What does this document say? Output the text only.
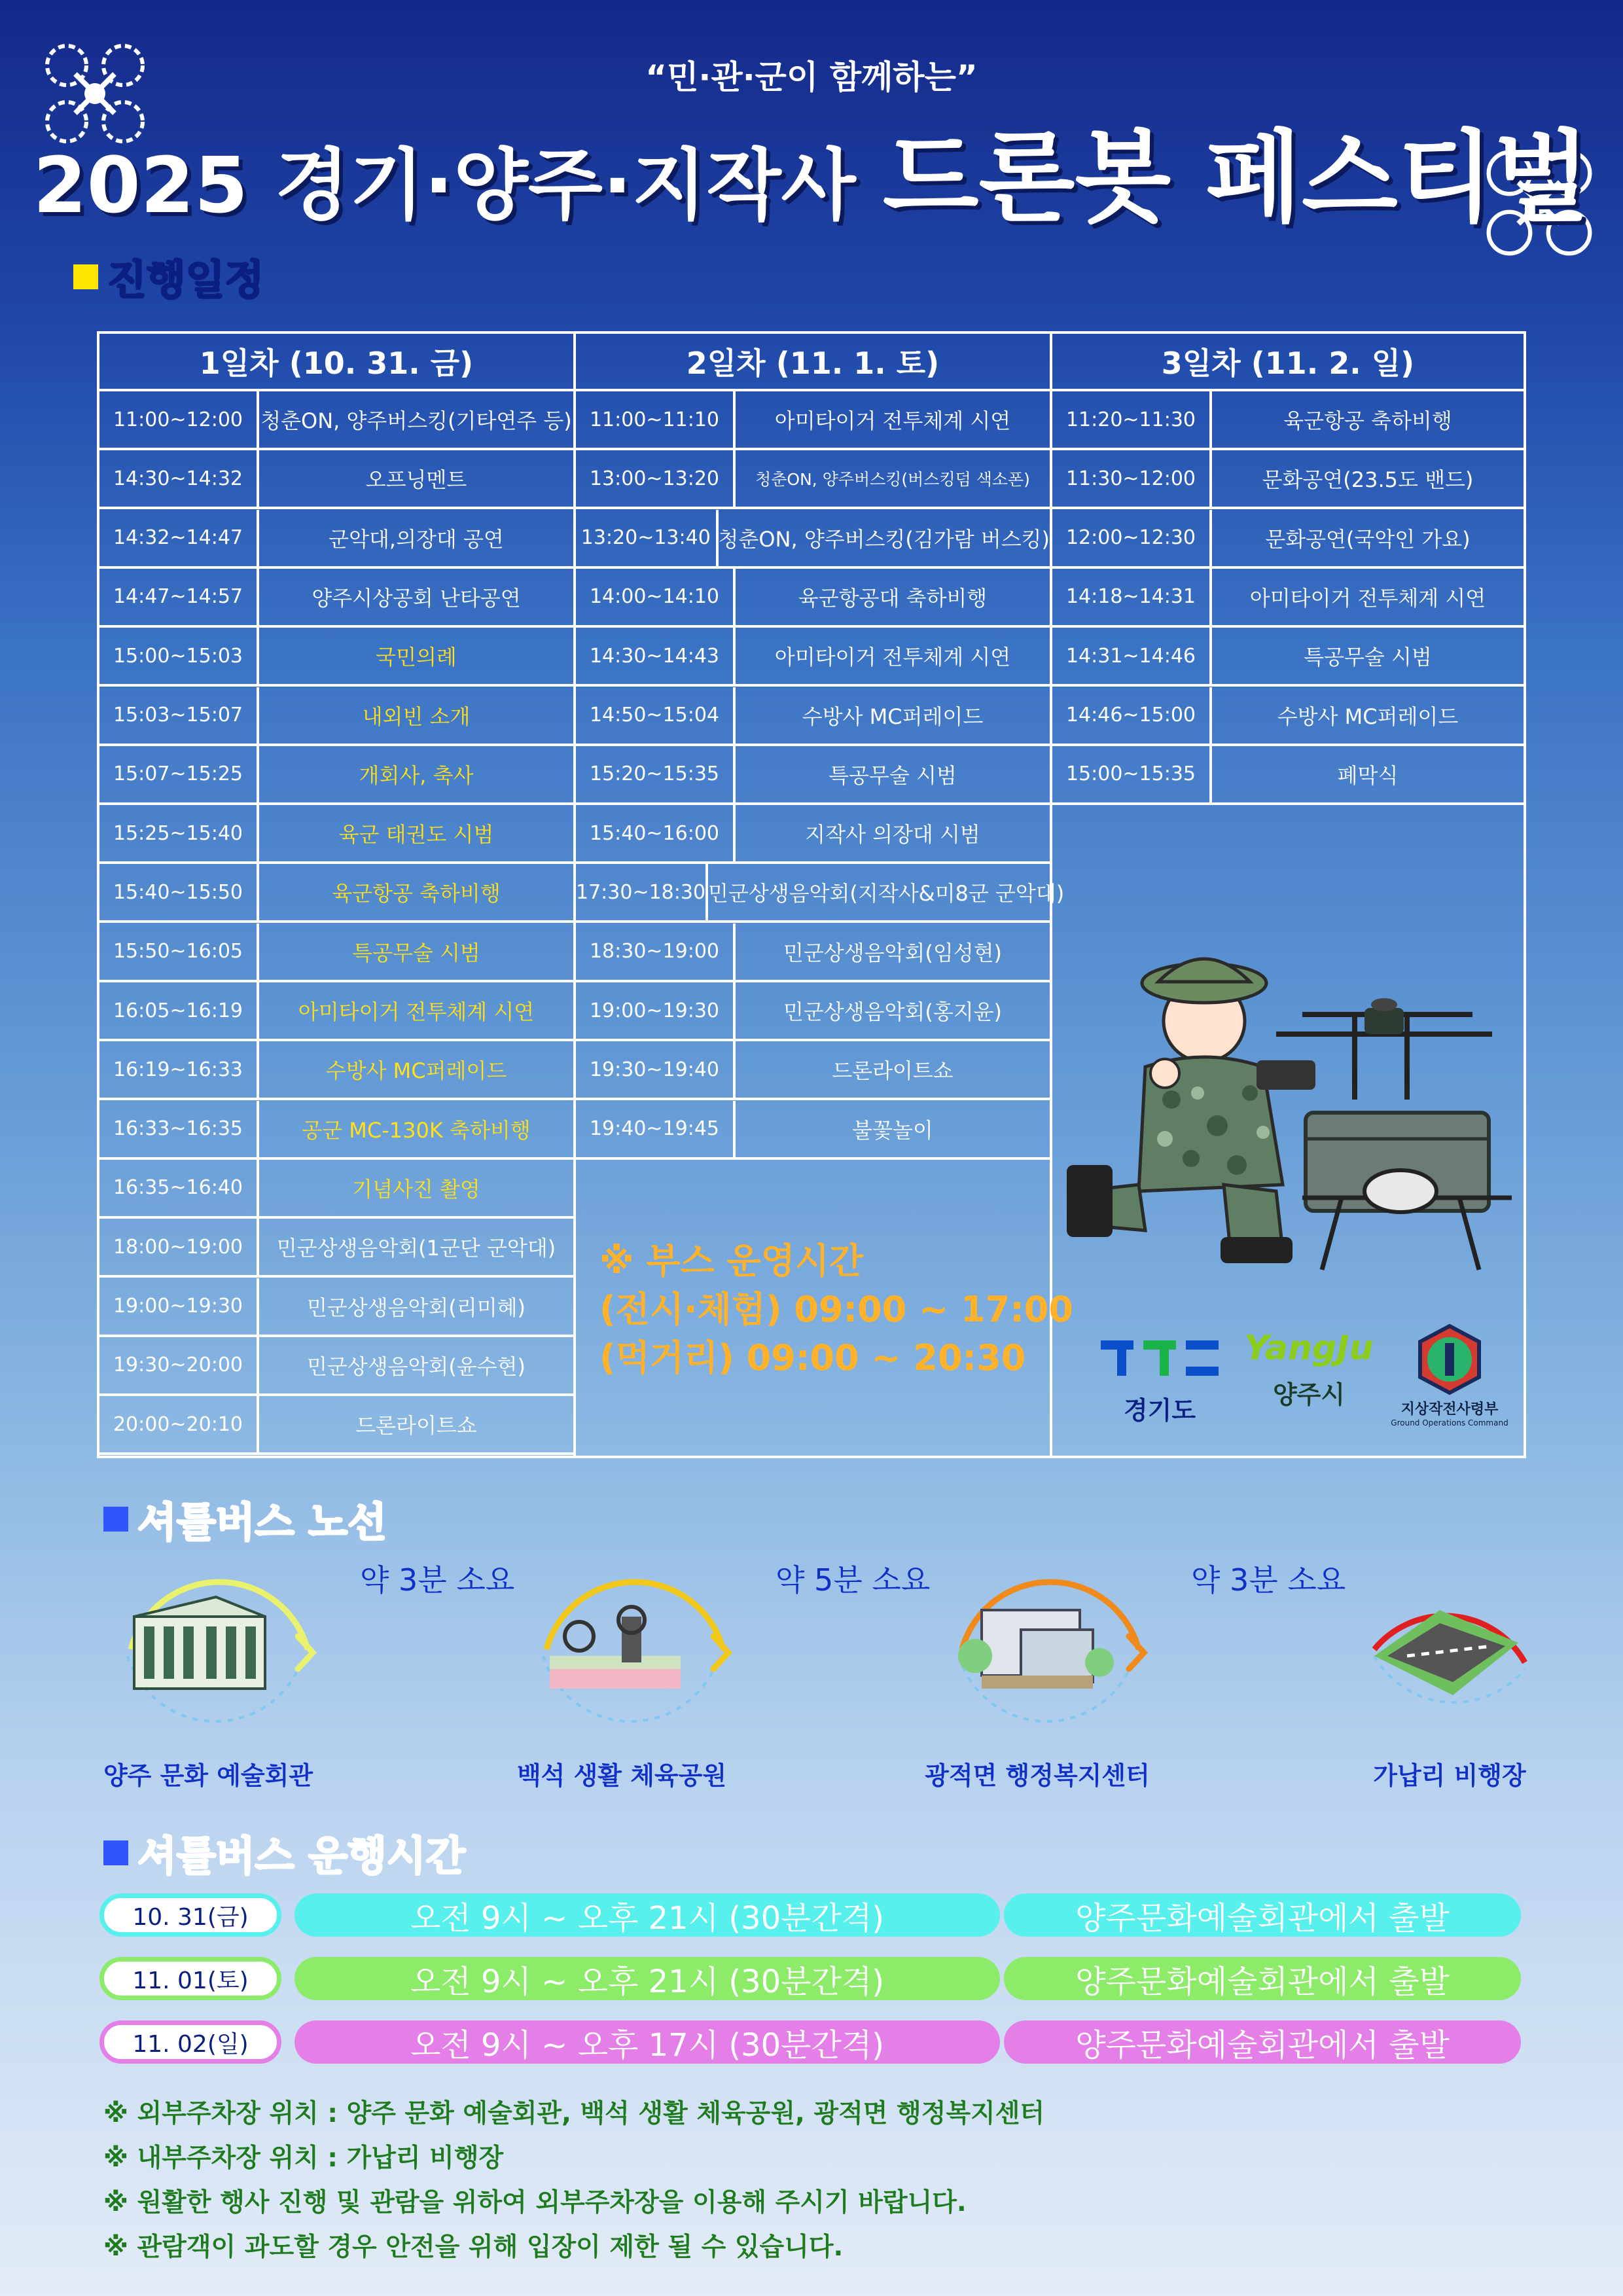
“민·관·군이 함께하는”
2025 경기·양주·지작사 드론봇 페스티벌
진행일정
1일차 (10. 31. 금)
11:00~12:00 청춘ON, 양주버스킹(기타연주 등)
14:30~14:32	오프닝멘트
14:32~14:47	군악대,의장대 공연
14:47~14:57	양주시상공회 난타공연
15:00~15:03	국민의례
15:03~15:07	내외빈 소개
15:07~15:25	개회사, 축사
15:25~15:40	육군 태권도 시범
15:40~15:50	육군항공 축하비행
15:50~16:05	특공무술 시범
16:05~16:19	아미타이거 전투체계 시연
16:19~16:33	수방사 MC퍼레이드
16:33~16:35	공군 MC-130K 축하비행
16:35~16:40	기념사진 촬영
18:00~19:00	민군상생음악회(1군단 군악대)
19:00~19:30	민군상생음악회(리미혜)
19:30~20:00	민군상생음악회(윤수현)
20:00~20:10	드론라이트쇼
2일차 (11. 1. 토)
11:00~11:10	아미타이거 전투체계 시연
13:00~13:20	청춘ON, 양주버스킹(버스킹덤 색소폰)
13:20~13:40 청춘ON, 양주버스킹(김가람 버스킹)
14:00~14:10	육군항공대 축하비행
14:30~14:43	아미타이거 전투체계 시연
14:50~15:04	수방사 MC퍼레이드
15:20~15:35	특공무술 시범
15:40~16:00	지작사 의장대 시범
17:30~18:30 민군상생음악회(지작사&미8군 군악대)
18:30~19:00	민군상생음악회(임성현)
19:00~19:30	민군상생음악회(홍지윤)
19:30~19:40	드론라이트쇼
19:40~19:45	불꽃놀이
3일차 (11. 2. 일)
11:20~11:30	육군항공 축하비행
11:30~12:00	문화공연(23.5도 밴드)
12:00~12:30	문화공연(국악인 가요)
14:18~14:31	아미타이거 전투체계 시연
14:31~14:46	특공무술 시범
14:46~15:00	수방사 MC퍼레이드
15:00~15:35	폐막식
※ 부스 운영시간
(전시·체험) 09:00 ~ 17:00
(먹거리) 09:00 ~ 20:30
경기도
YangJu
양주시
지상작전사령부
Ground Operations Command
셔틀버스 노선
약 3분 소요	약 5분 소요	약 3분 소요
양주 문화 예술회관	백석 생활 체육공원	광적면 행정복지센터	가납리 비행장
셔틀버스 운행시간
10. 31(금)	오전 9시 ~ 오후 21시 (30분간격)	양주문화예술회관에서 출발
11. 01(토)	오전 9시 ~ 오후 21시 (30분간격)	양주문화예술회관에서 출발
11. 02(일)	오전 9시 ~ 오후 17시 (30분간격)	양주문화예술회관에서 출발
※ 외부주차장 위치 : 양주 문화 예술회관, 백석 생활 체육공원, 광적면 행정복지센터
※ 내부주차장 위치 : 가납리 비행장
※ 원활한 행사 진행 및 관람을 위하여 외부주차장을 이용해 주시기 바랍니다.
※ 관람객이 과도할 경우 안전을 위해 입장이 제한 될 수 있습니다.
